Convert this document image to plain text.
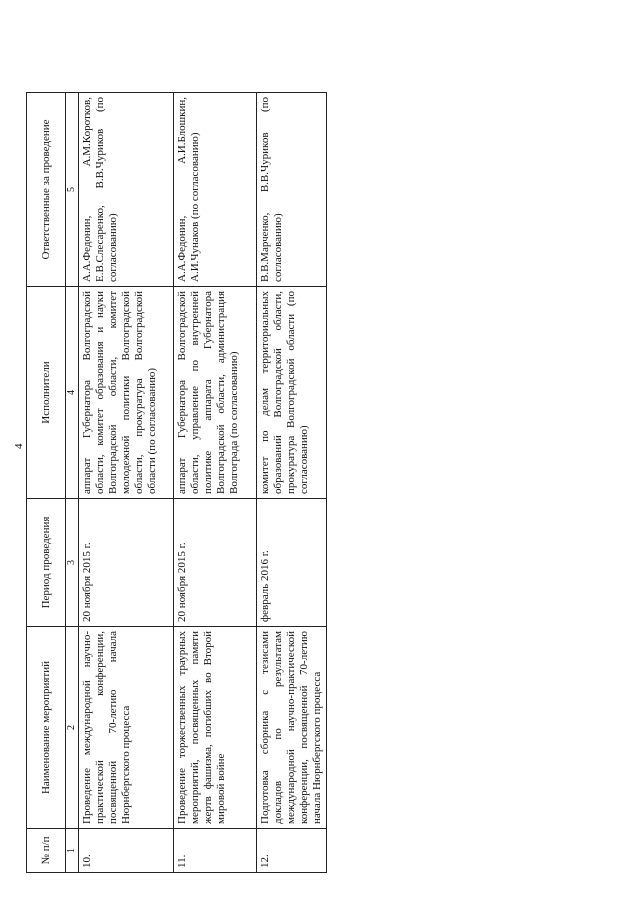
4
№ п/п	Наименование мероприятий	Период проведения	Исполнители	Ответственные за проведение
1	2	3	4	5
10.	Проведение международной научно-практической конференции, посвященной 70-летию начала Нюрнбергского процесса	20 ноября 2015 г.	аппарат Губернатора Волгоградской области, комитет образования и науки Волгоградской области, комитет молодежной политики Волгоградской области, прокуратура Волгоградской области (по согласованию)	А.А.Федонин, А.М.Коротков, Е.В.Слесаренко, В.В.Чуриков (по согласованию)
11.	Проведение торжественных траурных мероприятий, посвященных памяти жертв фашизма, погибших во Второй мировой войне	20 ноября 2015 г.	аппарат Губернатора Волгоградской области, управление по внутренней политике аппарата Губернатора Волгоградской области, администрация Волгограда (по согласованию)	А.А.Федонин, А.И.Блошкин, А.И.Чунаков (по согласованию)
12.	Подготовка сборника с тезисами докладов по результатам международной научно-практической конференции, посвященной 70-летию начала Нюрнбергского процесса	февраль 2016 г.	комитет по делам территориальных образований Волгоградской области, прокуратура Волгоградской области (по согласованию)	В.В.Марченко, В.В.Чуриков (по согласованию)
